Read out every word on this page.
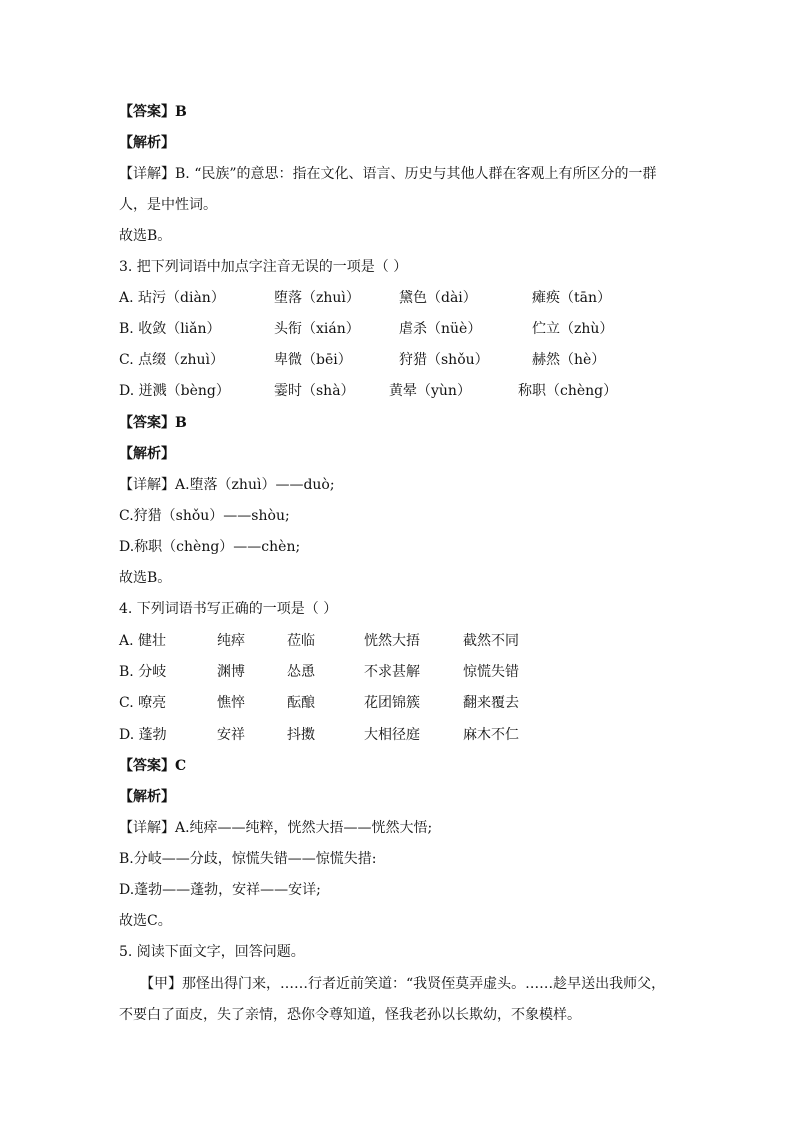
【答案】B
【解析】
【详解】B. “民族”的意思：指在文化、语言、历史与其他人群在客观上有所区分的一群
人，是中性词。
故选B。
3. 把下列词语中加点字注音无误的一项是（ ）
A. 玷污（diàn）	堕落（zhuì）	黛色（dài）	瘫痪（tān）
B. 收敛（liǎn）	头衔（xián）	虐杀（nüè）	伫立（zhù）
C. 点缀（zhuì）	卑微（bēi）	狩猎（shǒu）	赫然（hè）
D. 迸溅（bèng）	霎时（shà） 黄晕（yùn）	称职（chèng）
【答案】B
【解析】
【详解】A.堕落（zhuì）——duò;
C.狩猎（shǒu）——shòu;
D.称职（chèng）——chèn;
故选B。
4. 下列词语书写正确的一项是（ ）
A. 健壮	纯瘁	莅临	恍然大捂	截然不同
B. 分岐	渊博	怂恿	不求甚解	惊慌失错
C. 嘹亮	憔悴	酝酿	花团锦簇	翻来覆去
D. 蓬勃	安祥	抖擞	大相径庭	麻木不仁
【答案】C
【解析】
【详解】A.纯瘁——纯粹，恍然大捂——恍然大悟;
B.分岐——分歧，惊慌失错——惊慌失措:
D.蓬勃——蓬勃，安祥——安详;
故选C。
5. 阅读下面文字，回答问题。
　　【甲】那怪出得门来，……行者近前笑道：“我贤侄莫弄虚头。……趁早送出我师父，不要白了面皮，失了亲情，恐你令尊知道，怪我老孙以长欺幼，不象模样。
